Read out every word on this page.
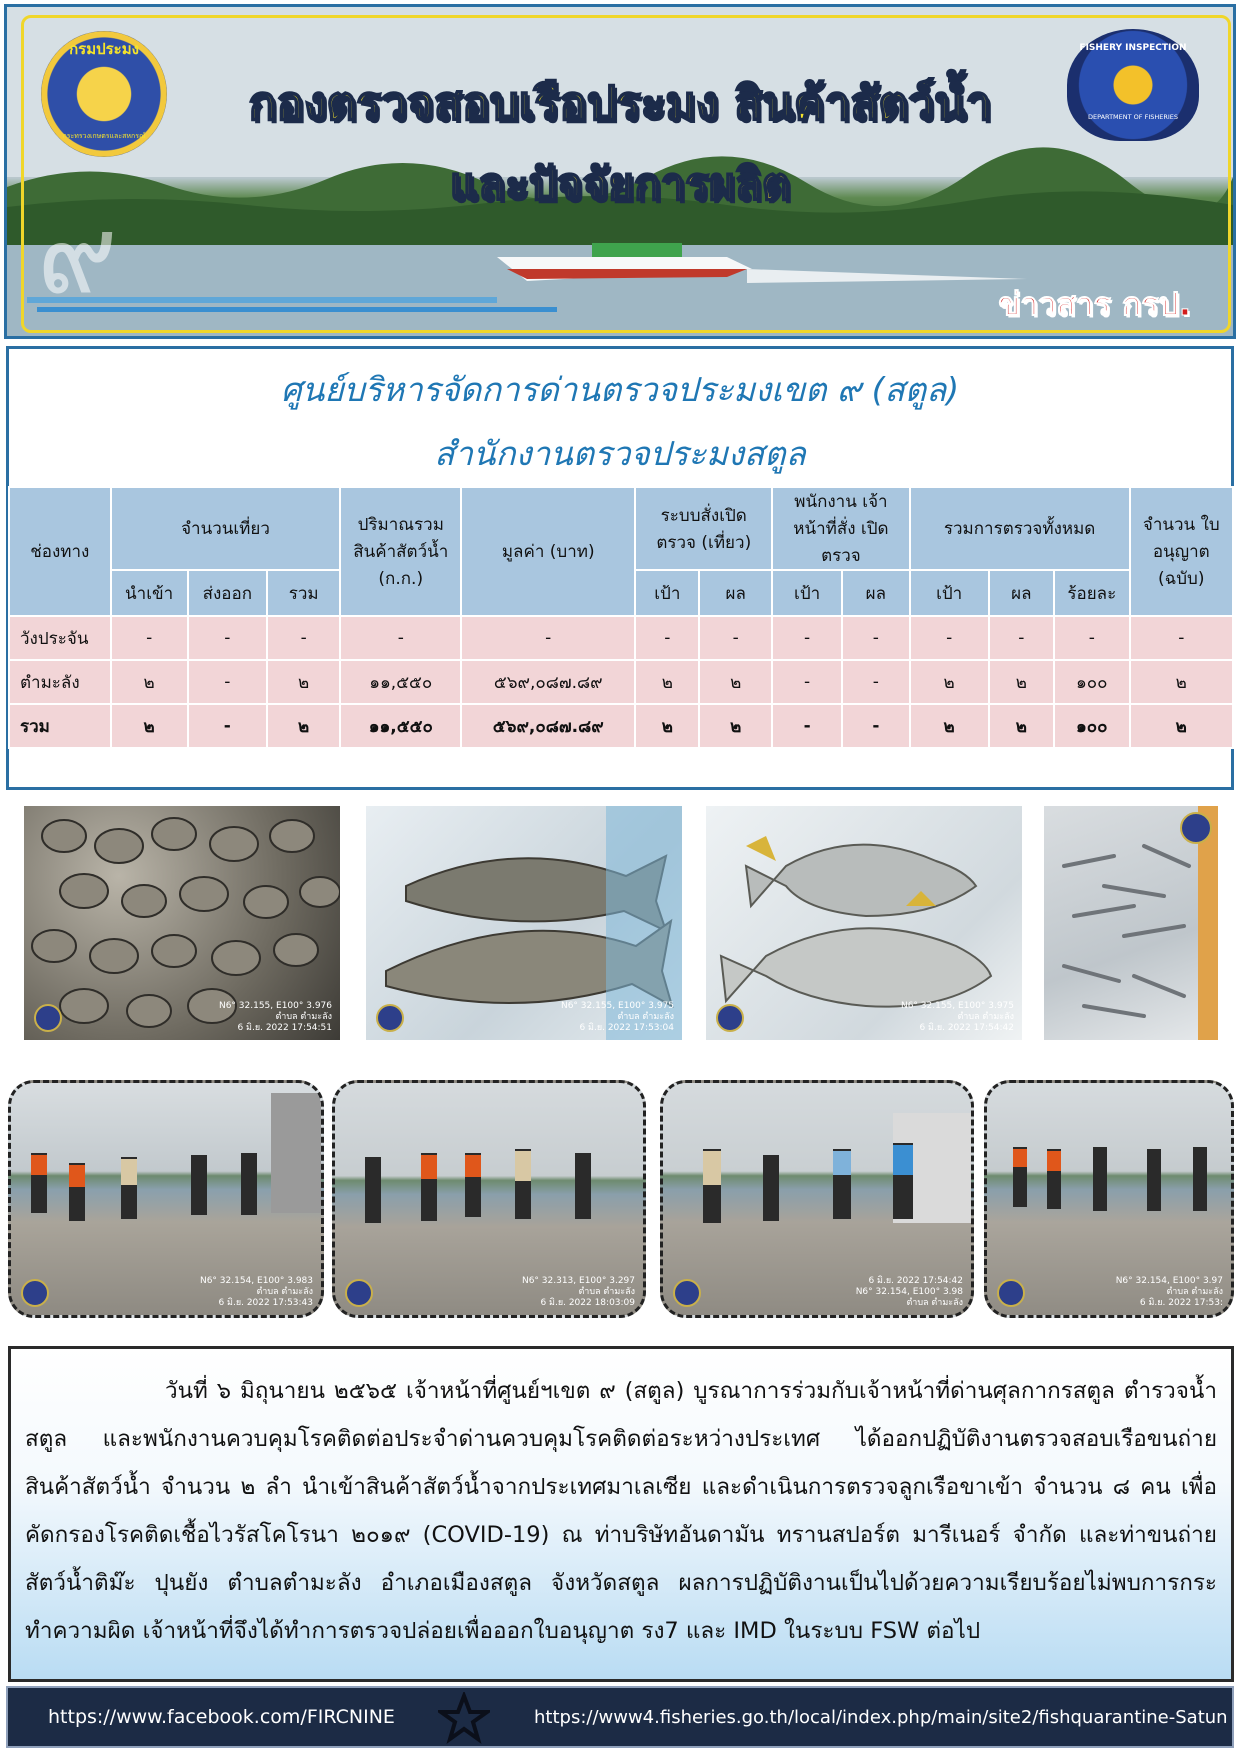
๙
กรมประมง
กระทรวงเกษตรและสหกรณ์
FISHERY INSPECTION
DEPARTMENT OF FISHERIES
กองตรวจสอบเรือประมง สินค้าสัตว์น้ำ
และปัจจัยการผลิต
ข่าวสาร กรป.
ศูนย์บริหารจัดการด่านตรวจประมงเขต ๙ (สตูล)
สำนักงานตรวจประมงสตูล
ช่องทาง	จำนวนเที่ยว			ปริมาณรวม สินค้าสัตว์น้ำ (ก.ก.)	มูลค่า (บาท)	ระบบสั่งเปิด ตรวจ (เที่ยว)		พนักงาน เจ้าหน้าที่สั่ง เปิดตรวจ		รวมการตรวจทั้งหมด			จำนวน ใบอนุญาต (ฉบับ)
	นำเข้า	ส่งออก	รวม			เป้า	ผล	เป้า	ผล	เป้า	ผล	ร้อยละ	
วังประจัน	-	-	-	-	-	-	-	-	-	-	-	-	-
ตำมะลัง	๒	-	๒	๑๑,๕๕๐	๕๖๙,๐๘๗.๘๙	๒	๒	-	-	๒	๒	๑๐๐	๒
รวม	๒	-	๒	๑๑,๕๕๐	๕๖๙,๐๘๗.๘๙	๒	๒	-	-	๒	๒	๑๐๐	๒
N6° 32.155, E100° 3.976
ตำบล ตำมะลัง
6 มิ.ย. 2022 17:54:51
N6° 32.155, E100° 3.975
ตำบล ตำมะลัง
6 มิ.ย. 2022 17:53:04
N6° 32.155, E100° 3.975
ตำบล ตำมะลัง
6 มิ.ย. 2022 17:54:42
N6° 32.154, E100° 3.983
ตำบล ตำมะลัง
6 มิ.ย. 2022 17:53:43
N6° 32.313, E100° 3.297
ตำบล ตำมะลัง
6 มิ.ย. 2022 18:03:09
6 มิ.ย. 2022 17:54:42
N6° 32.154, E100° 3.98
ตำบล ตำมะลัง
N6° 32.154, E100° 3.97
ตำบล ตำมะลัง
6 มิ.ย. 2022 17:53:
วันที่ ๖ มิถุนายน ๒๕๖๕ เจ้าหน้าที่ศูนย์ฯเขต ๙ (สตูล) บูรณาการร่วมกับเจ้าหน้าที่ด่านศุลกากรสตูล ตำรวจน้ำสตูล และพนักงานควบคุมโรคติดต่อประจำด่านควบคุมโรคติดต่อระหว่างประเทศ ได้ออกปฏิบัติงานตรวจสอบเรือขนถ่ายสินค้าสัตว์น้ำ จำนวน ๒ ลำ นำเข้าสินค้าสัตว์น้ำจากประเทศมาเลเซีย และดำเนินการตรวจลูกเรือขาเข้า จำนวน ๘ คน เพื่อคัดกรองโรคติดเชื้อไวรัสโคโรนา ๒๐๑๙ (COVID-19) ณ ท่าบริษัทอันดามัน ทรานสปอร์ต มารีเนอร์ จำกัด และท่าขนถ่ายสัตว์น้ำติม๊ะ ปุนยัง ตำบลตำมะลัง อำเภอเมืองสตูล จังหวัดสตูล ผลการปฏิบัติงานเป็นไปด้วยความเรียบร้อยไม่พบการกระทำความผิด เจ้าหน้าที่จึงได้ทำการตรวจปล่อยเพื่อออกใบอนุญาต รง7 และ IMD ในระบบ FSW ต่อไป
https://www.facebook.com/FIRCNINE	https://www4.fisheries.go.th/local/index.php/main/site2/fishquarantine-Satun
